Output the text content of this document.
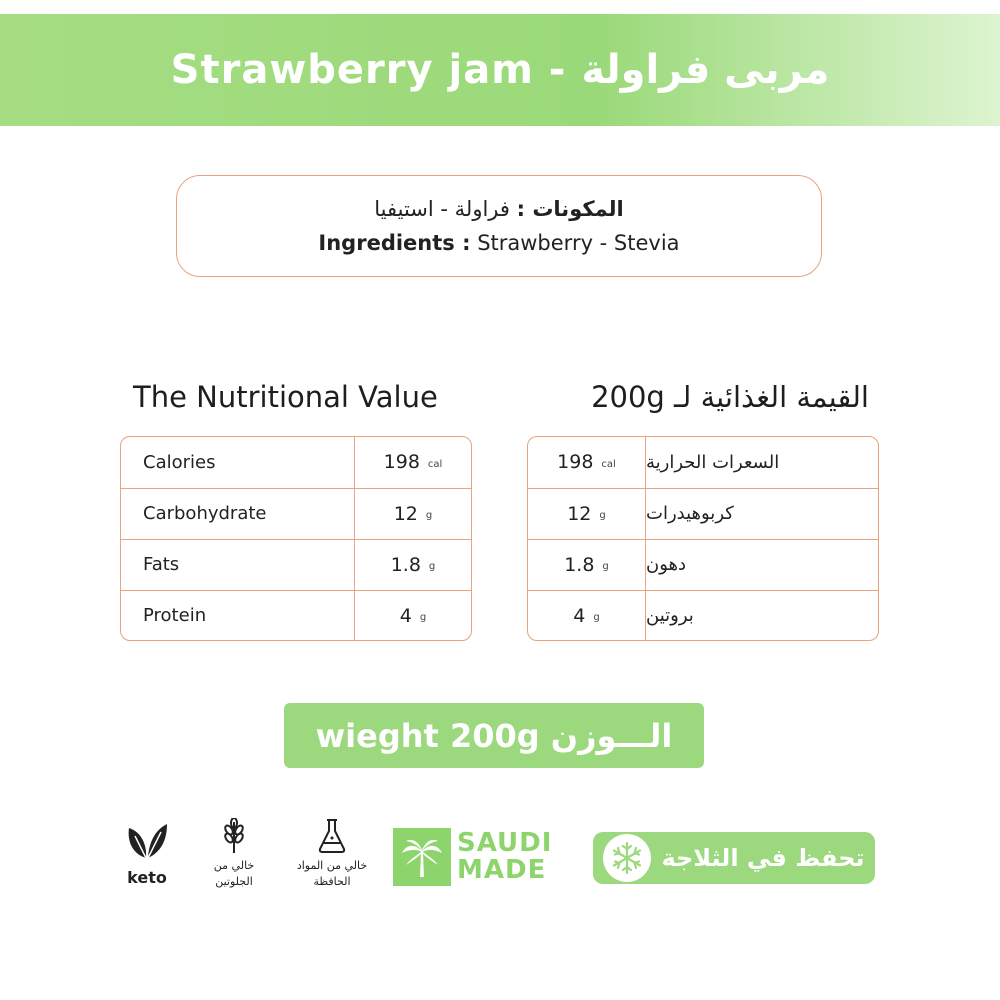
Strawberry jam - مربى فراولة
المكونات : فراولة - استيفيا
Ingredients : Strawberry - Stevia
The Nutritional Value	القيمة الغذائية لـ 200g
Calories	198 cal
Carbohydrate	12 g
Fats	1.8 g
Protein	4 g
198 cal السعرات الحرارية
12 g كربوهيدرات
1.8 g دهون
4 g	بروتين
wieght 200g الـــوزن
keto
خالي من
الجلوتين
خالي من المواد
الحافظة
SAUDI
MADE	تحفظ في الثلاجة
